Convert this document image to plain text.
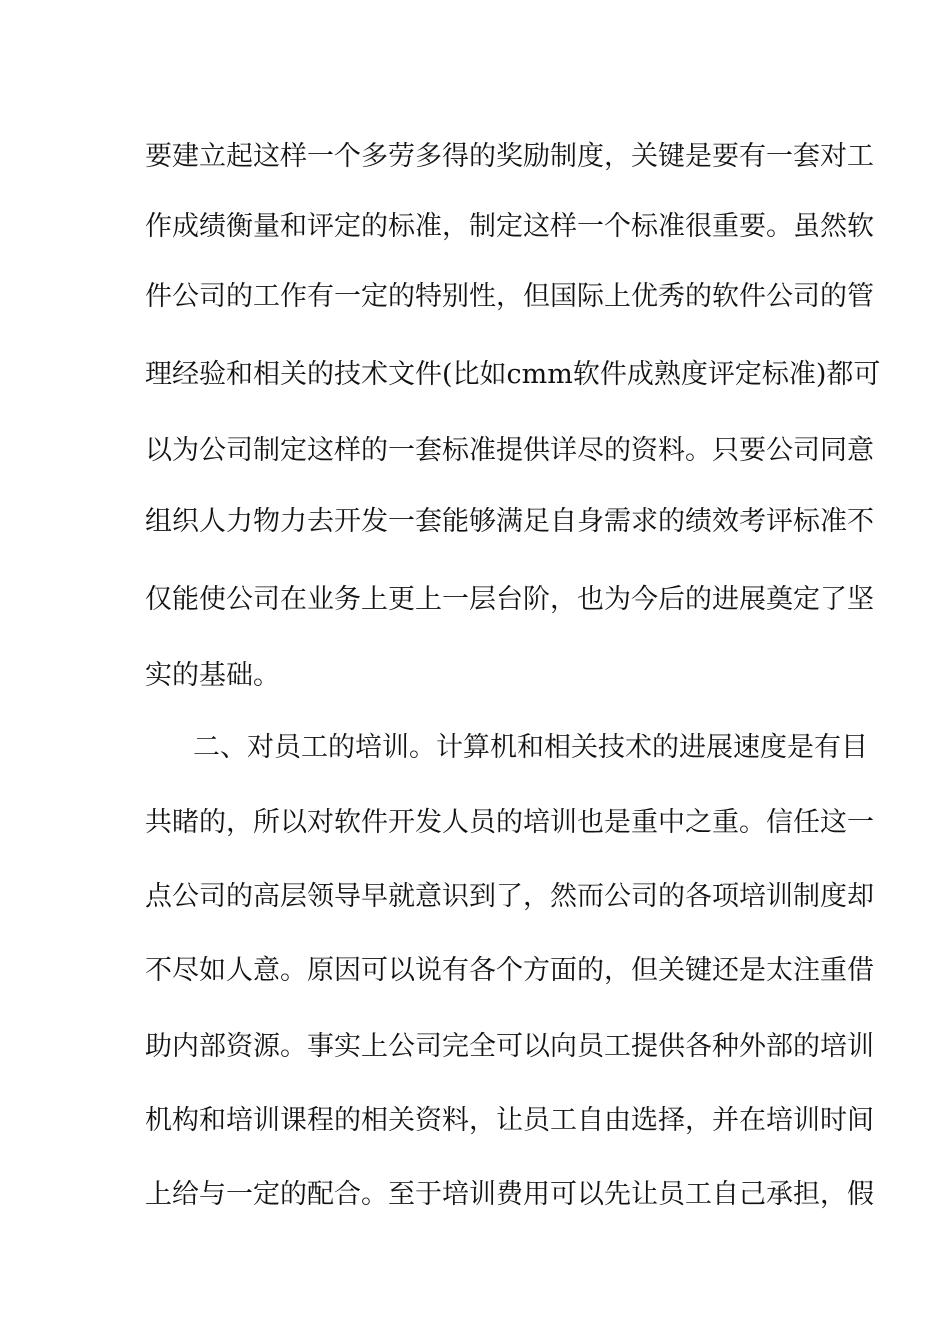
要建立起这样一个多劳多得的奖励制度，关键是要有一套对工
作成绩衡量和评定的标准，制定这样一个标准很重要。虽然软
件公司的工作有一定的特别性，但国际上优秀的软件公司的管
理经验和相关的技术文件(比如cmm软件成熟度评定标准)都可
以为公司制定这样的一套标准提供详尽的资料。只要公司同意
组织人力物力去开发一套能够满足自身需求的绩效考评标准不
仅能使公司在业务上更上一层台阶，也为今后的进展奠定了坚
实的基础。
二、对员工的培训。计算机和相关技术的进展速度是有目
共睹的，所以对软件开发人员的培训也是重中之重。信任这一
点公司的高层领导早就意识到了，然而公司的各项培训制度却
不尽如人意。原因可以说有各个方面的，但关键还是太注重借
助内部资源。事实上公司完全可以向员工提供各种外部的培训
机构和培训课程的相关资料，让员工自由选择，并在培训时间
上给与一定的配合。至于培训费用可以先让员工自己承担，假
